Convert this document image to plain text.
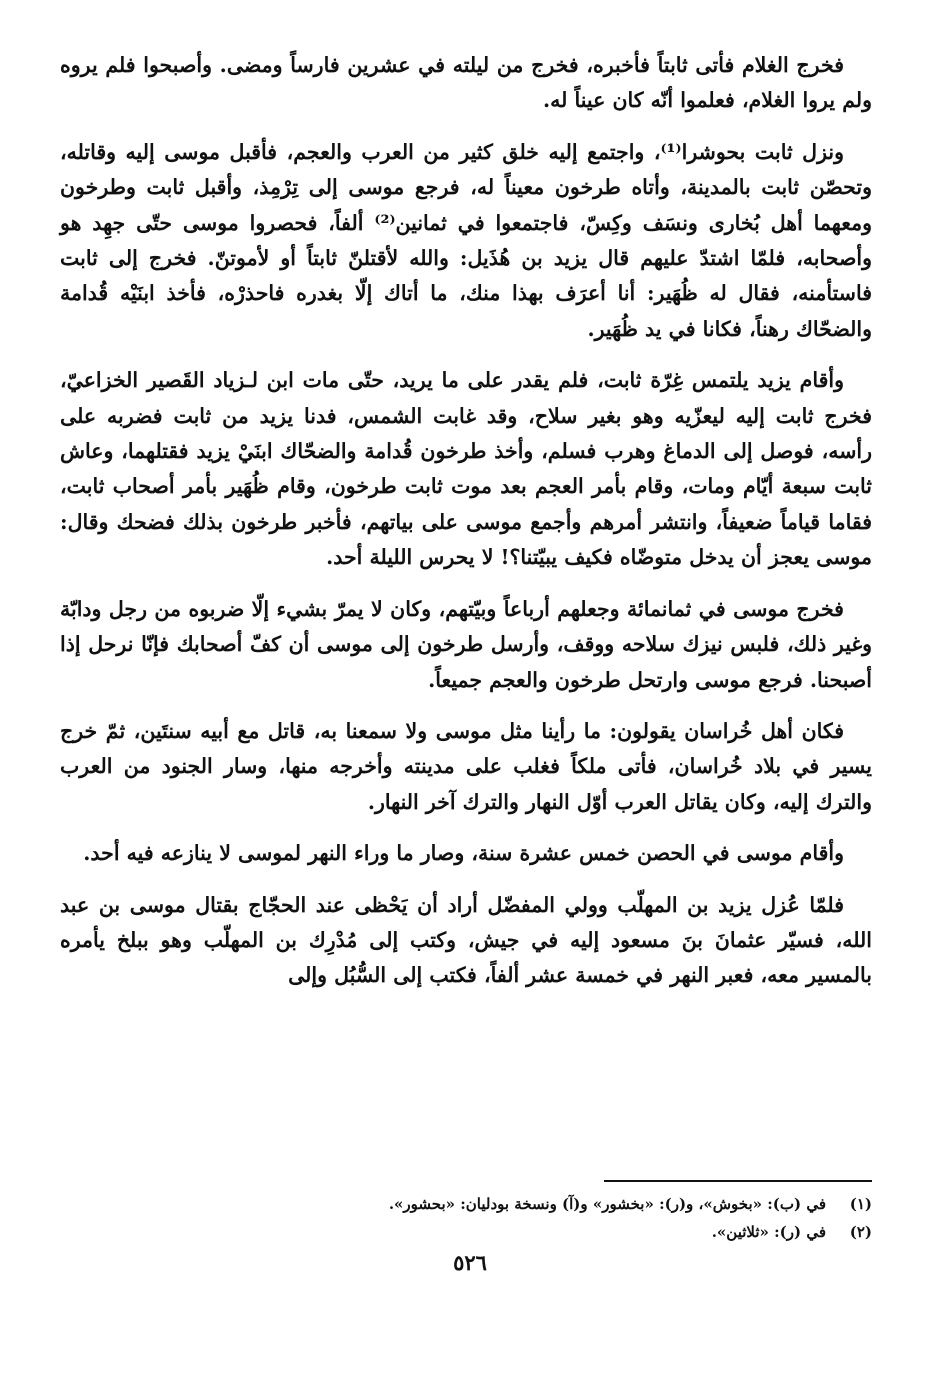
فخرج الغلام فأتى ثابتاً فأخبره، فخرج من ليلته في عشرين فارساً ومضى. وأصبحوا فلم يروه ولم يروا الغلام، فعلموا أنّه كان عيناً له.

ونزل ثابت بحوشرا⁽¹⁾، واجتمع إليه خلق كثير من العرب والعجم، فأقبل موسى إليه وقاتله، وتحصّن ثابت بالمدينة، وأتاه طرخون معيناً له، فرجع موسى إلى تِرْمِذ، وأقبل ثابت وطرخون ومعهما أهل بُخارى ونسَف وكِسّ، فاجتمعوا في ثمانين⁽²⁾ ألفاً، فحصروا موسى حتّى جهِد هو وأصحابه، فلمّا اشتدّ عليهم قال يزيد بن هُذَيل: والله لأقتلنّ ثابتاً أو لأموتنّ. فخرج إلى ثابت فاستأمنه، فقال له ظُهَير: أنا أعرَف بهذا منك، ما أتاك إلّا بغدره فاحذرْه، فأخذ ابنَيْه قُدامة والضحّاك رهناً، فكانا في يد ظُهَير.

وأقام يزيد يلتمس غِرّة ثابت، فلم يقدر على ما يريد، حتّى مات ابن لـزياد القَصير الخزاعيّ، فخرج ثابت إليه ليعزّيه وهو بغير سلاح، وقد غابت الشمس، فدنا يزيد من ثابت فضربه على رأسه، فوصل إلى الدماغ وهرب فسلم، وأخذ طرخون قُدامة والضحّاك ابنَيْ يزيد فقتلهما، وعاش ثابت سبعة أيّام ومات، وقام بأمر العجم بعد موت ثابت طرخون، وقام ظُهَير بأمر أصحاب ثابت، فقاما قياماً ضعيفاً، وانتشر أمرهم وأجمع موسى على بياتهم، فأخبر طرخون بذلك فضحك وقال: موسى يعجز أن يدخل متوضّاه فكيف يبيّتنا؟! لا يحرس الليلة أحد.

فخرج موسى في ثمانمائة وجعلهم أرباعاً وبيّتهم، وكان لا يمرّ بشيء إلّا ضربوه من رجل ودابّة وغير ذلك، فلبس نيزك سلاحه ووقف، وأرسل طرخون إلى موسى أن كفّ أصحابك فإنّا نرحل إذا أصبحنا. فرجع موسى وارتحل طرخون والعجم جميعاً.

فكان أهل خُراسان يقولون: ما رأينا مثل موسى ولا سمعنا به، قاتل مع أبيه سنتَين، ثمّ خرج يسير في بلاد خُراسان، فأتى ملكاً فغلب على مدينته وأخرجه منها، وسار الجنود من العرب والترك إليه، وكان يقاتل العرب أوّل النهار والترك آخر النهار.

وأقام موسى في الحصن خمس عشرة سنة، وصار ما وراء النهر لموسى لا ينازعه فيه أحد.

فلمّا عُزل يزيد بن المهلّب وولي المفضّل أراد أن يَحْظى عند الحجّاج بقتال موسى بن عبد الله، فسيّر عثمانَ بنَ مسعود إليه في جيش، وكتب إلى مُدْرِك بن المهلّب وهو ببلخ يأمره بالمسير معه، فعبر النهر في خمسة عشر ألفاً، فكتب إلى السُّبُل وإلى

(١)
في (ب): «بخوش»، و(ر): «بخشور» و(آ) ونسخة بودليان: «بحشور».
(٢)
في (ر): «ثلاثين».
٥٢٦
